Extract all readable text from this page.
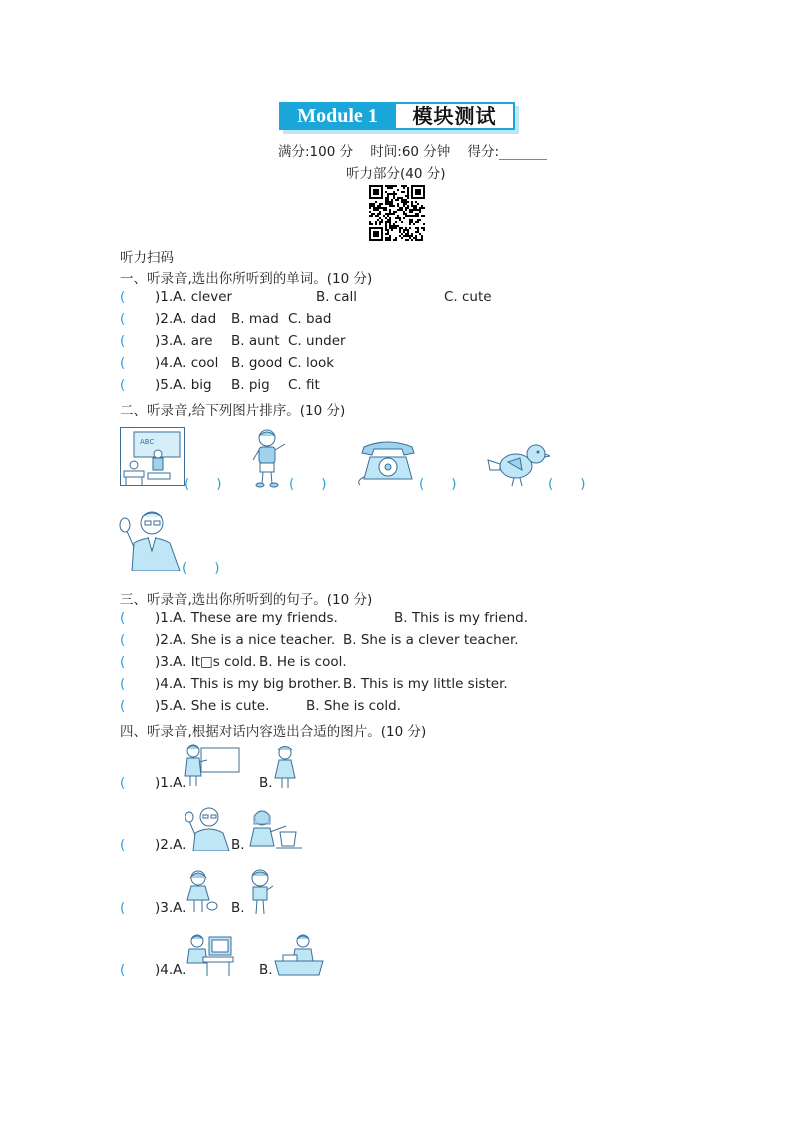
Module 1	模块测试
满分:100 分 时间:60 分钟 得分:
听力部分(40 分)
听力扫码
一、听录音,选出你所听到的单词。(10 分)
二、听录音,给下列图片排序。(10 分)
ABC
(　　)	(　　)	(　　)	(　　)
(　　)
三、听录音,选出你所听到的句子。(10 分)
四、听录音,根据对话内容选出合适的图片。(10 分)
( )1.A. clever	B. call	C. cute
( )2.A. dad B. mad C. bad
( )3.A. are B. aunt C. under
( )4.A. cool B. good C. look
( )5.A. big B. pig C. fit
( )1.A. These are my friends.	B. This is my friend.
( )2.A. She is a nice teacher. B. She is a clever teacher.
( )3.A. It□s cold. B. He is cool.
( )4.A. This is my big brother. B. This is my little sister.
( )5.A. She is cute.	B. She is cold.
( )1.A.	B.
( )2.A.	B.
( )3.A.	B.
( )4.A.	B.
